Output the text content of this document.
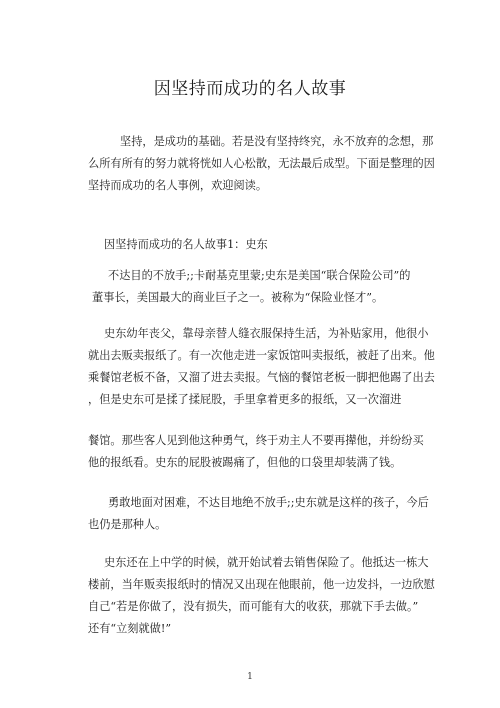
因坚持而成功的名人故事

坚持，是成功的基础。若是没有坚持终究，永不放弃的念想，那
么所有所有的努力就将恍如人心松散，无法最后成型。下面是整理的因
坚持而成功的名人事例，欢迎阅读。

因坚持而成功的名人故事1：史东

不达目的不放手;;卡耐基克里蒙;史东是美国“联合保险公司”的
董事长，美国最大的商业巨子之一。被称为“保险业怪才”。

史东幼年丧父，靠母亲替人缝衣服保持生活，为补贴家用，他很小
就出去贩卖报纸了。有一次他走进一家饭馆叫卖报纸，被赶了出来。他
乘餐馆老板不备，又溜了进去卖报。气恼的餐馆老板一脚把他踢了出去
，但是史东可是揉了揉屁股，手里拿着更多的报纸，又一次溜进

餐馆。那些客人见到他这种勇气，终于劝主人不要再撵他，并纷纷买
他的报纸看。史东的屁股被踢痛了，但他的口袋里却装满了钱。

勇敢地面对困难，不达目地绝不放手;;史东就是这样的孩子，今后
也仍是那种人。

史东还在上中学的时候，就开始试着去销售保险了。他抵达一栋大
楼前，当年贩卖报纸时的情况又出现在他眼前，他一边发抖，一边欣慰
自己“若是你做了，没有损失，而可能有大的收获，那就下手去做。”
还有“立刻就做!”

1
